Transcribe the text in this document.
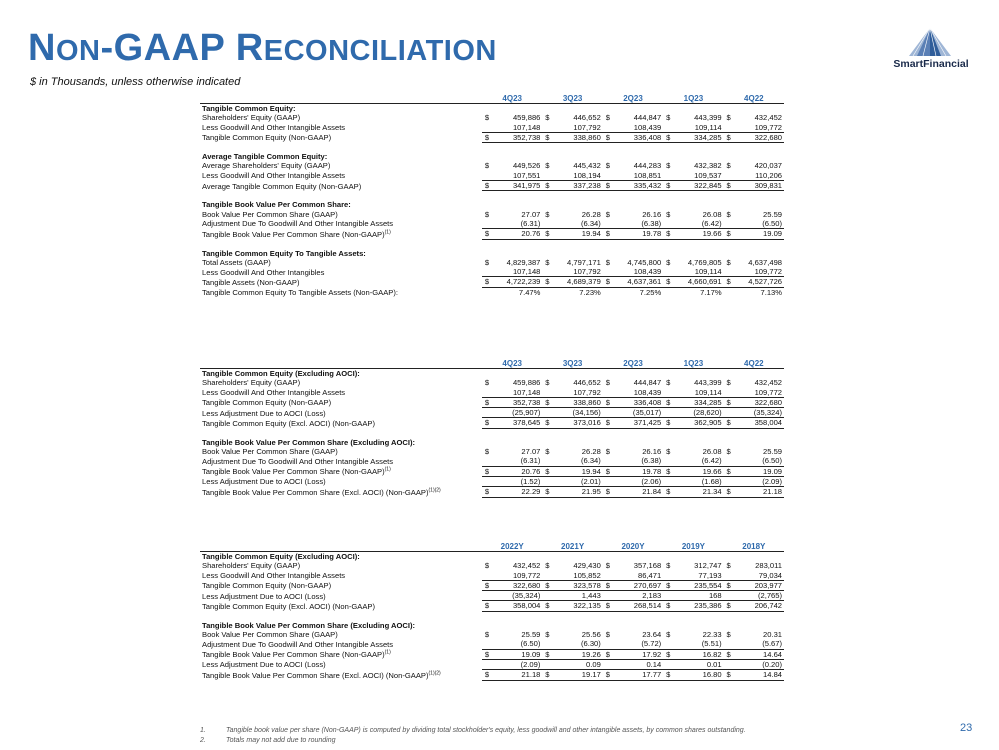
NON-GAAP RECONCILIATION

$ in Thousands, unless otherwise indicated

SmartFinancial
	4Q23		3Q23		2Q23		1Q23		4Q22	
Tangible Common Equity:										
Shareholders' Equity (GAAP)	$	459,886	$	446,652	$	444,847	$	443,399	$	432,452
Less Goodwill And Other Intangible Assets		107,148		107,792		108,439		109,114		109,772
Tangible Common Equity (Non-GAAP)	$	352,738	$	338,860	$	336,408	$	334,285	$	322,680

Average Tangible Common Equity:										
Average Shareholders' Equity (GAAP)	$	449,526	$	445,432	$	444,283	$	432,382	$	420,037
Less Goodwill And Other Intangible Assets		107,551		108,194		108,851		109,537		110,206
Average Tangible Common Equity (Non-GAAP)	$	341,975	$	337,238	$	335,432	$	322,845	$	309,831

Tangible Book Value Per Common Share:										
Book Value Per Common Share (GAAP)	$	27.07	$	26.28	$	26.16	$	26.08	$	25.59
Adjustment Due To Goodwill And Other Intangible Assets		(6.31)		(6.34)		(6.38)		(6.42)		(6.50)
Tangible Book Value Per Common Share (Non-GAAP)$^{(1)}$	$	20.76	$	19.94	$	19.78	$	19.66	$	19.09

Tangible Common Equity To Tangible Assets:										
Total Assets (GAAP)	$	4,829,387	$	4,797,171	$	4,745,800	$	4,769,805	$	4,637,498
Less Goodwill And Other Intangibles		107,148		107,792		108,439		109,114		109,772
Tangible Assets (Non-GAAP)	$	4,722,239	$	4,689,379	$	4,637,361	$	4,660,691	$	4,527,726
Tangible Common Equity To Tangible Assets (Non-GAAP):		7.47%		7.23%		7.25%		7.17%		7.13%
	4Q23		3Q23		2Q23		1Q23		4Q22	
Tangible Common Equity (Excluding AOCI):										
Shareholders' Equity (GAAP)	$	459,886	$	446,652	$	444,847	$	443,399	$	432,452
Less Goodwill And Other Intangible Assets		107,148		107,792		108,439		109,114		109,772
Tangible Common Equity (Non-GAAP)	$	352,738	$	338,860	$	336,408	$	334,285	$	322,680
Less Adjustment Due to AOCI (Loss)		(25,907)		(34,156)		(35,017)		(28,620)		(35,324)
Tangible Common Equity (Excl. AOCI) (Non-GAAP)	$	378,645	$	373,016	$	371,425	$	362,905	$	358,004

Tangible Book Value Per Common Share (Excluding AOCI):										
Book Value Per Common Share (GAAP)	$	27.07	$	26.28	$	26.16	$	26.08	$	25.59
Adjustment Due To Goodwill And Other Intangible Assets		(6.31)		(6.34)		(6.38)		(6.42)		(6.50)
Tangible Book Value Per Common Share (Non-GAAP)$^{(1)}$	$	20.76	$	19.94	$	19.78	$	19.66	$	19.09
Less Adjustment Due to AOCI (Loss)		(1.52)		(2.01)		(2.06)		(1.68)		(2.09)
Tangible Book Value Per Common Share (Excl. AOCI) (Non-GAAP)$^{(1)(2)}$	$	22.29	$	21.95	$	21.84	$	21.34	$	21.18
	2022Y		2021Y		2020Y		2019Y		2018Y	
Tangible Common Equity (Excluding AOCI):										
Shareholders' Equity (GAAP)	$	432,452	$	429,430	$	357,168	$	312,747	$	283,011
Less Goodwill And Other Intangible Assets		109,772		105,852		86,471		77,193		79,034
Tangible Common Equity (Non-GAAP)	$	322,680	$	323,578	$	270,697	$	235,554	$	203,977
Less Adjustment Due to AOCI (Loss)		(35,324)		1,443		2,183		168		(2,765)
Tangible Common Equity (Excl. AOCI) (Non-GAAP)	$	358,004	$	322,135	$	268,514	$	235,386	$	206,742

Tangible Book Value Per Common Share (Excluding AOCI):										
Book Value Per Common Share (GAAP)	$	25.59	$	25.56	$	23.64	$	22.33	$	20.31
Adjustment Due To Goodwill And Other Intangible Assets		(6.50)		(6.30)		(5.72)		(5.51)		(5.67)
Tangible Book Value Per Common Share (Non-GAAP)$^{(1)}$	$	19.09	$	19.26	$	17.92	$	16.82	$	14.64
Less Adjustment Due to AOCI (Loss)		(2.09)		0.09		0.14		0.01		(0.20)
Tangible Book Value Per Common Share (Excl. AOCI) (Non-GAAP)$^{(1)(2)}$	$	21.18	$	19.17	$	17.77	$	16.80	$	14.84
1.	Tangible book value per share (Non-GAAP) is computed by dividing total stockholder's equity, less goodwill and other intangible assets, by common shares outstanding.
2.	Totals may not add due to rounding
23
